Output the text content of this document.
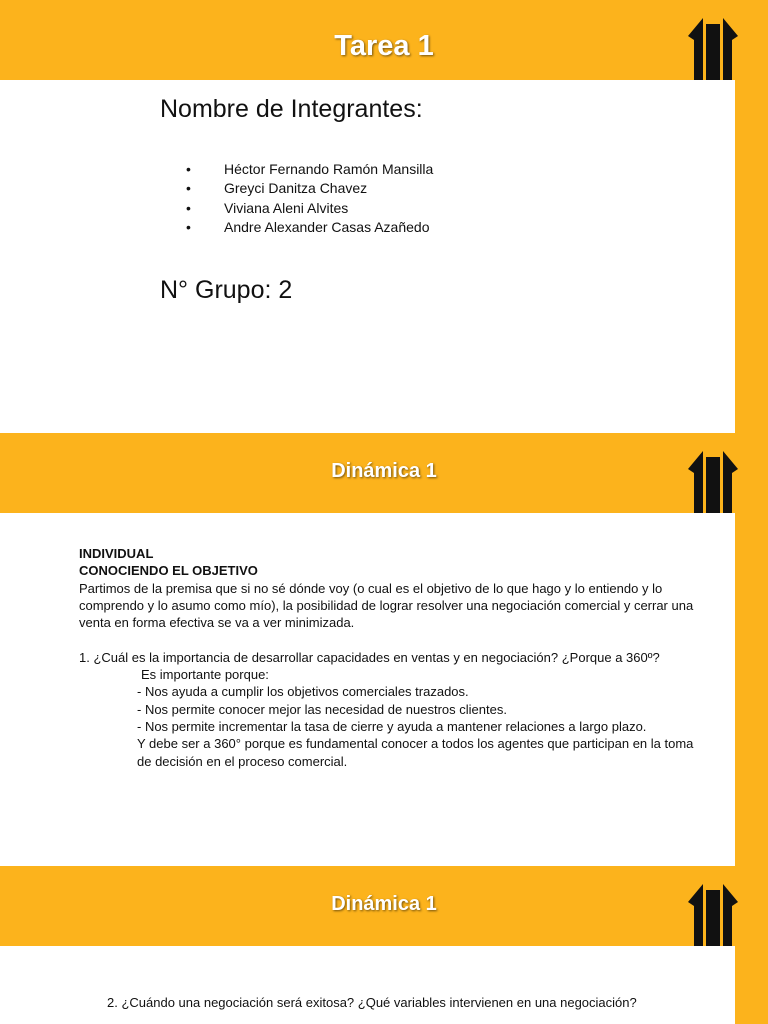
Tarea 1
Nombre de Integrantes:
• Héctor Fernando Ramón Mansilla
• Greyci Danitza Chavez
• Viviana Aleni Alvites
• Andre Alexander Casas Azañedo
N° Grupo: 2
Dinámica 1
INDIVIDUAL
CONOCIENDO EL OBJETIVO
Partimos de la premisa que si no sé dónde voy (o cual es el objetivo de lo que hago y lo entiendo y lo
comprendo y lo asumo como mío), la posibilidad de lograr resolver una negociación comercial y cerrar una
venta en forma efectiva se va a ver minimizada.
1. ¿Cuál es la importancia de desarrollar capacidades en ventas y en negociación? ¿Porque a 360º?
Es importante porque:
- Nos ayuda a cumplir los objetivos comerciales trazados.
- Nos permite conocer mejor las necesidad de nuestros clientes.
- Nos permite incrementar la tasa de cierre y ayuda a mantener relaciones a largo plazo.
Y debe ser a 360° porque es fundamental conocer a todos los agentes que participan en la toma
de decisión en el proceso comercial.
Dinámica 1
2. ¿Cuándo una negociación será exitosa? ¿Qué variables intervienen en una negociación?
